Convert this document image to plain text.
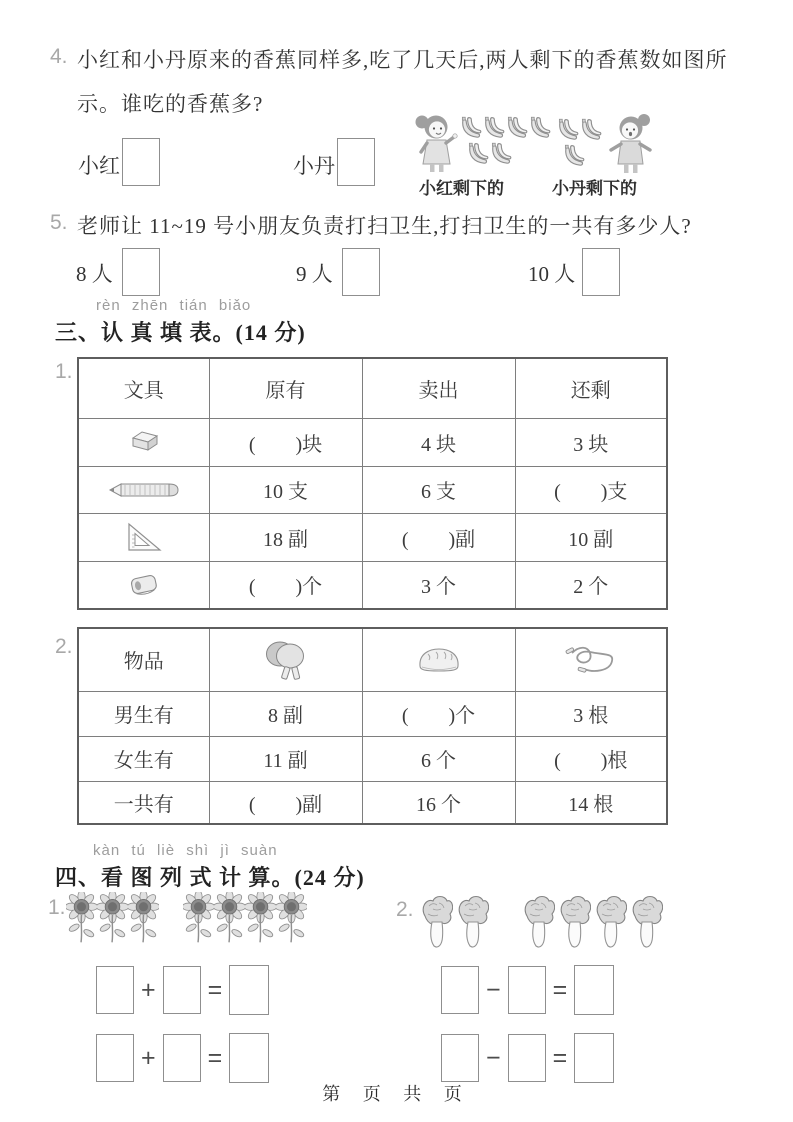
4. 小红和小丹原来的香蕉同样多,吃了几天后,两人剩下的香蕉数如图所
示。谁吃的香蕉多?
小红	小丹
小红剩下的	小丹剩下的
5. 老师让 11~19 号小朋友负责打扫卫生,打扫卫生的一共有多少人?
8 人	9 人	10 人
rèn zhēn tián biǎo
三、认 真 填 表。(14 分)
1.
文具	原有	卖出	还剩
	(　　)块	4 块	3 块
	10 支	6 支	(　　)支
	18 副	(　　)副	10 副
	(　　)个	3 个	2 个
2.
物品			
男生有	8 副	(　　)个	3 根
女生有	11 副	6 个	(　　)根
一共有	(　　)副	16 个	14 根
kàn tú liè shì jì suàn
四、看 图 列 式 计 算。(24 分)
1.	2.
+ =
+ =
− =
− =
第 页 共 页
